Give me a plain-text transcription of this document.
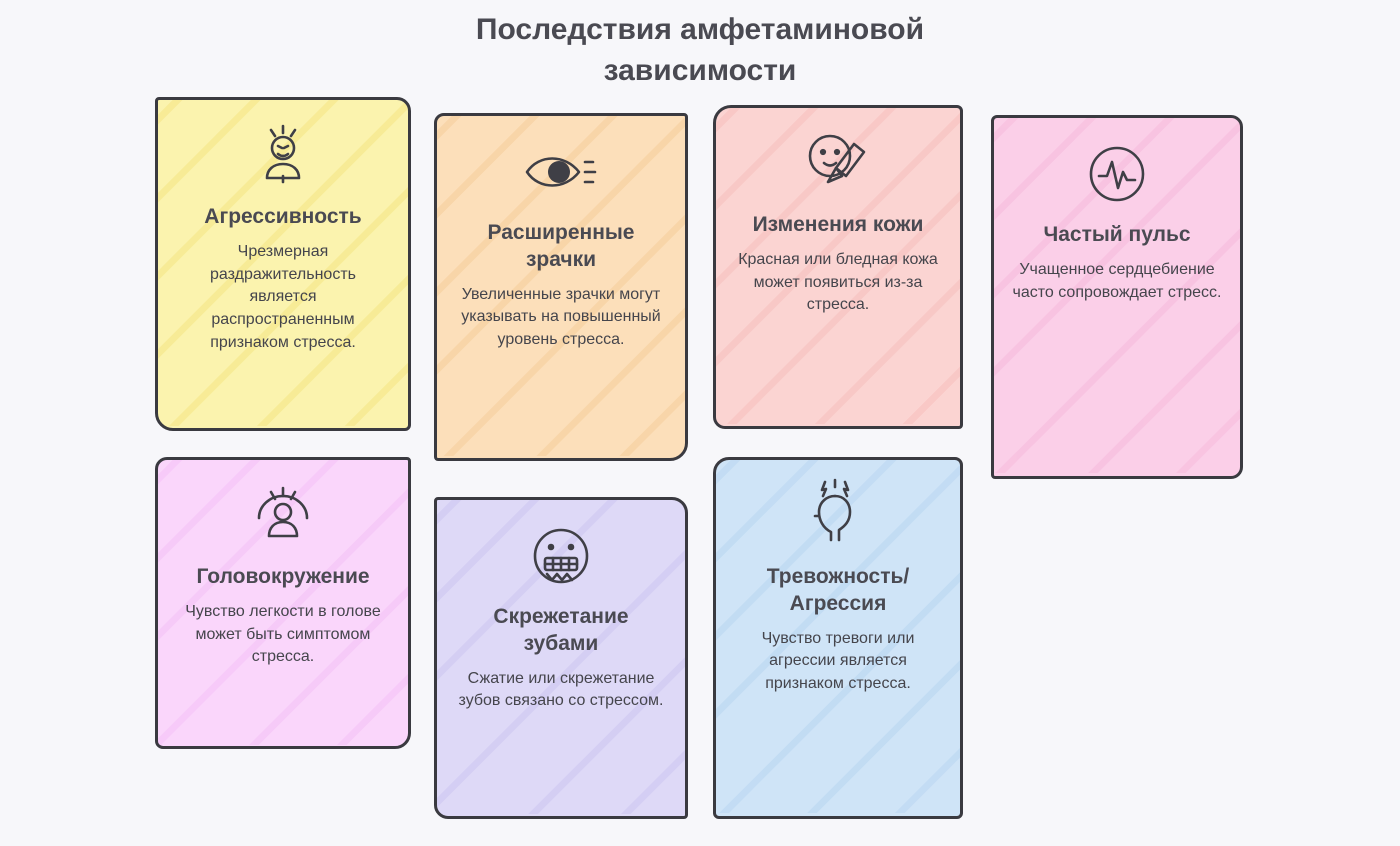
Последствия амфетаминовой зависимости
Агрессивность
Чрезмерная раздражительность является распространенным признаком стресса.
Расширенные зрачки
Увеличенные зрачки могут указывать на повышенный уровень стресса.
Изменения кожи
Красная или бледная кожа может появиться из-за стресса.
Частый пульс
Учащенное сердцебиение часто сопровождает стресс.
Головокружение
Чувство легкости в голове может быть симптомом стресса.
Скрежетание зубами
Сжатие или скрежетание зубов связано со стрессом.
Тревожность/ Агрессия
Чувство тревоги или агрессии является признаком стресса.
